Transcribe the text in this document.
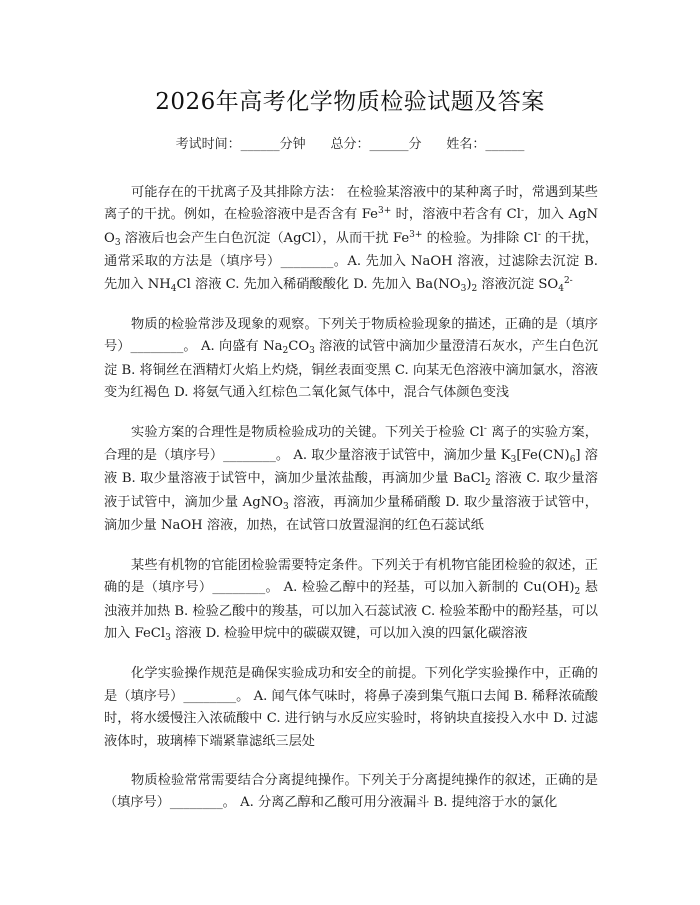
2026年高考化学物质检验试题及答案
考试时间：______分钟 总分：______分 姓名：______

可能存在的干扰离子及其排除方法： 在检验某溶液中的某种离子时，常遇到某些离子的干扰。例如，在检验溶液中是否含有 $Fe^{3+}$ 时，溶液中若含有 Cl-，加入 AgNO$_3$ 溶液后也会产生白色沉淀（AgCl），从而干扰 $Fe^{3+}$ 的检验。为排除 Cl- 的干扰，通常采取的方法是（填序号）________。A. 先加入 NaOH 溶液，过滤除去沉淀 B. 先加入 $NH_4Cl$ 溶液 C. 先加入稀硝酸酸化 D. 先加入 $Ba(NO_3)_2$ 溶液沉淀 $SO_4^{2-}$

物质的检验常涉及现象的观察。下列关于物质检验现象的描述，正确的是（填序号）________。 A. 向盛有 $Na_2CO_3$ 溶液的试管中滴加少量澄清石灰水，产生白色沉淀 B. 将铜丝在酒精灯火焰上灼烧，铜丝表面变黑 C. 向某无色溶液中滴加氯水，溶液变为红褐色 D. 将氨气通入红棕色二氧化氮气体中，混合气体颜色变浅

实验方案的合理性是物质检验成功的关键。下列关于检验 Cl- 离子的实验方案，合理的是（填序号）________。 A. 取少量溶液于试管中，滴加少量 $K_3[Fe(CN)_6]$ 溶液 B. 取少量溶液于试管中，滴加少量浓盐酸，再滴加少量 BaCl$_2$ 溶液 C. 取少量溶液于试管中，滴加少量 AgNO$_3$ 溶液，再滴加少量稀硝酸 D. 取少量溶液于试管中，滴加少量 NaOH 溶液，加热，在试管口放置湿润的红色石蕊试纸

某些有机物的官能团检验需要特定条件。下列关于有机物官能团检验的叙述，正确的是（填序号）________。 A. 检验乙醇中的羟基，可以加入新制的 $Cu(OH)_2$ 悬浊液并加热 B. 检验乙酸中的羧基，可以加入石蕊试液 C. 检验苯酚中的酚羟基，可以加入 FeCl$_3$ 溶液 D. 检验甲烷中的碳碳双键，可以加入溴的四氯化碳溶液

化学实验操作规范是确保实验成功和安全的前提。下列化学实验操作中，正确的是（填序号）________。 A. 闻气体气味时，将鼻子凑到集气瓶口去闻 B. 稀释浓硫酸时，将水缓慢注入浓硫酸中 C. 进行钠与水反应实验时，将钠块直接投入水中 D. 过滤液体时，玻璃棒下端紧靠滤纸三层处

物质检验常常需要结合分离提纯操作。下列关于分离提纯操作的叙述，正确的是（填序号）________。 A. 分离乙醇和乙酸可用分液漏斗 B. 提纯溶于水的氯化
